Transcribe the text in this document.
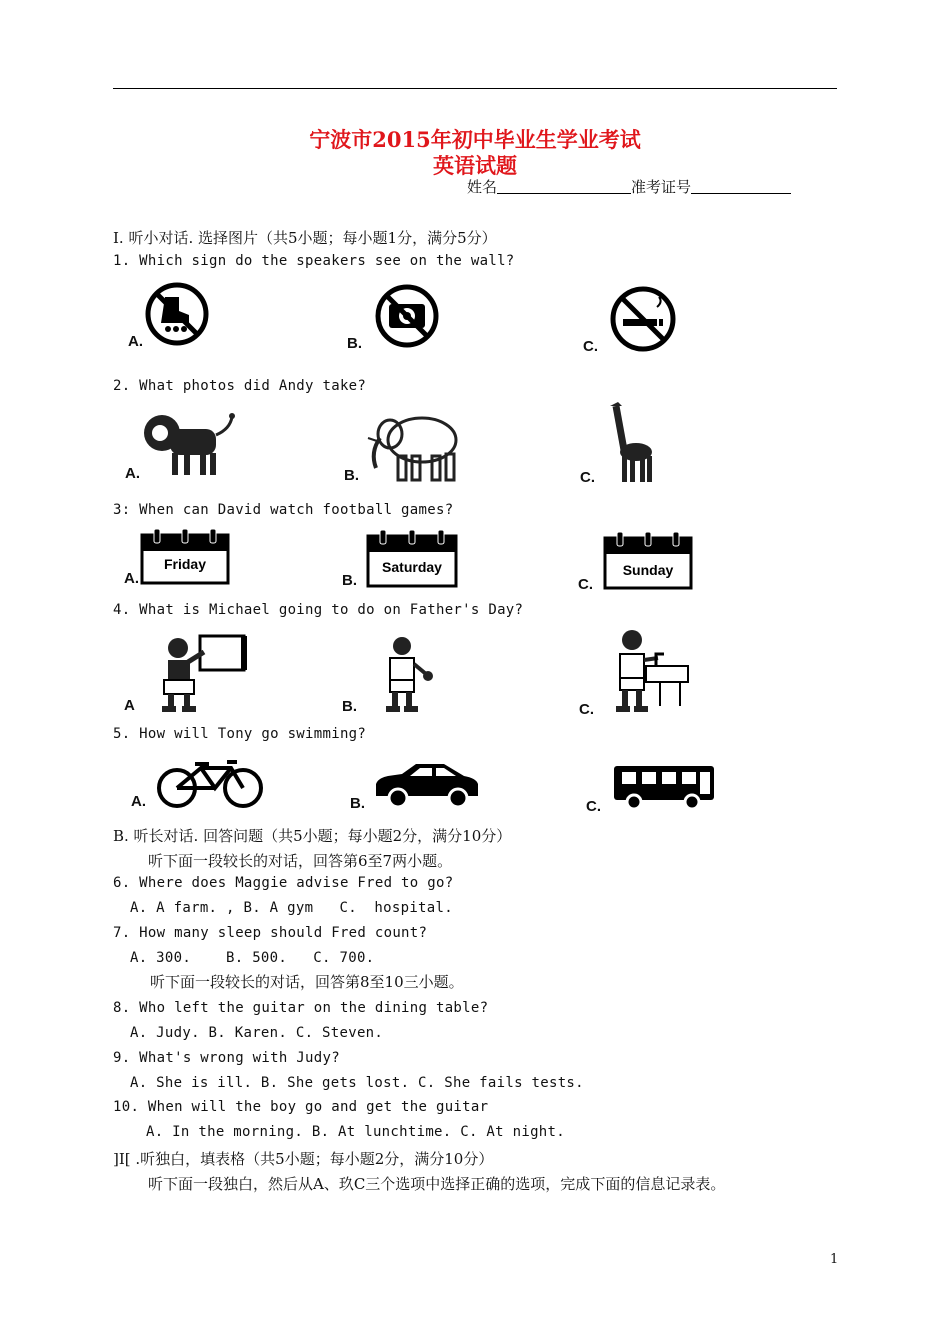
宁波市2015年初中毕业生学业考试
英语试题
姓名	准考证号
I. 听小对话. 选择图片（共5小题；每小题1分，满分5分）
1. Which sign do the speakers see on the wall?
A.	B.	C.
2. What photos did Andy take?
A.	B.	C.
3: When can David watch football games?
A.
Friday
B.
Saturday
C.
Sunday
4. What is Michael going to do on Father's Day?
A	B.	C.
5. How will Tony go swimming?
A.	B.	C.
B. 听长对话. 回答问题（共5小题；每小题2分，满分10分）
听下面一段较长的对话，回答第6至7两小题。
6. Where does Maggie advise Fred to go?
A. A farm. , B. A gym   C.  hospital.
7. How many sleep should Fred count?
A. 300.    B. 500.   C. 700.
听下面一段较长的对话，回答第8至10三小题。
8. Who left the guitar on the dining table?
A. Judy. B. Karen. C. Steven.
9. What's wrong with Judy?
A. She is ill. B. She gets lost. C. She fails tests.
10. When will the boy go and get the guitar
A. In the morning. B. At lunchtime. C. At night.
]I[ .听独白，填表格（共5小题；每小题2分，满分10分）
听下面一段独白，然后从A、玖C三个选项中选择正确的选项，完成下面的信息记录表。
1
